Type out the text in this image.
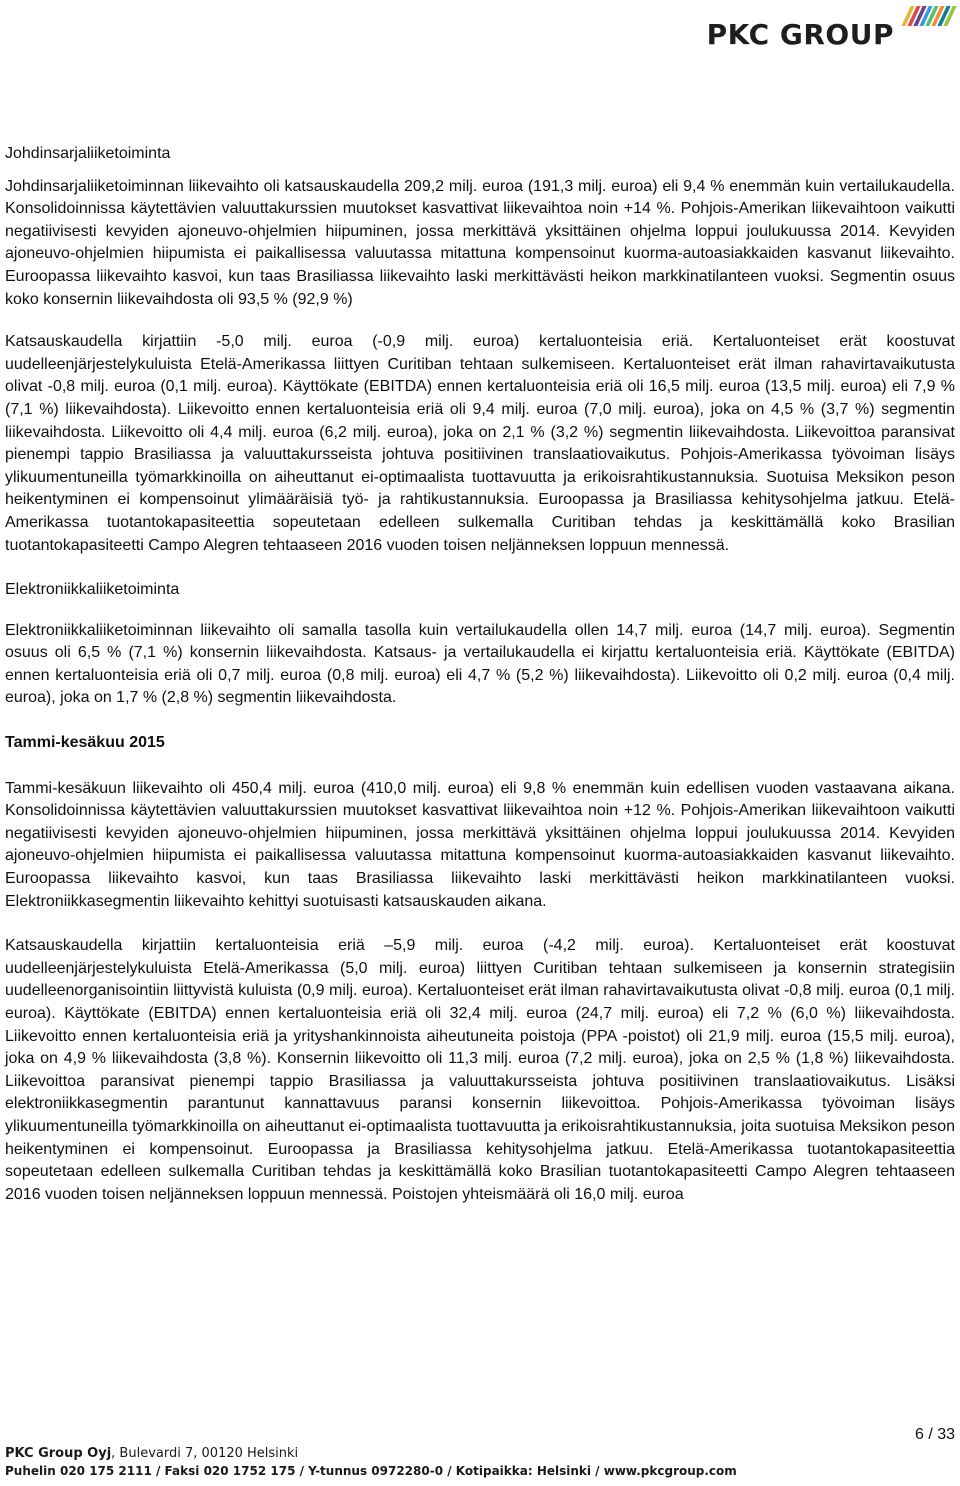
PKC GROUP
Johdinsarjaliiketoiminta
Johdinsarjaliiketoiminnan liikevaihto oli katsauskaudella 209,2 milj. euroa (191,3 milj. euroa) eli 9,4 % enemmän kuin vertailukaudella. Konsolidoinnissa käytettävien valuuttakurssien muutokset kasvattivat liikevaihtoa noin +14 %. Pohjois-Amerikan liikevaihtoon vaikutti negatiivisesti kevyiden ajoneuvo-ohjelmien hiipuminen, jossa merkittävä yksittäinen ohjelma loppui joulukuussa 2014. Kevyiden ajoneuvo-ohjelmien hiipumista ei paikallisessa valuutassa mitattuna kompensoinut kuorma-autoasiakkaiden kasvanut liikevaihto. Euroopassa liikevaihto kasvoi, kun taas Brasiliassa liikevaihto laski merkittävästi heikon markkinatilanteen vuoksi. Segmentin osuus koko konsernin liikevaihdosta oli 93,5 % (92,9 %)
Katsauskaudella kirjattiin -5,0 milj. euroa (-0,9 milj. euroa) kertaluonteisia eriä. Kertaluonteiset erät koostuvat uudelleenjärjestelykuluista Etelä-Amerikassa liittyen Curitiban tehtaan sulkemiseen. Kertaluonteiset erät ilman rahavirtavaikutusta olivat -0,8 milj. euroa (0,1 milj. euroa). Käyttökate (EBITDA) ennen kertaluonteisia eriä oli 16,5 milj. euroa (13,5 milj. euroa) eli 7,9 % (7,1 %) liikevaihdosta). Liikevoitto ennen kertaluonteisia eriä oli 9,4 milj. euroa (7,0 milj. euroa), joka on 4,5 % (3,7 %) segmentin liikevaihdosta. Liikevoitto oli 4,4 milj. euroa (6,2 milj. euroa), joka on 2,1 % (3,2 %) segmentin liikevaihdosta. Liikevoittoa paransivat pienempi tappio Brasiliassa ja valuuttakursseista johtuva positiivinen translaatiovaikutus. Pohjois-Amerikassa työvoiman lisäys ylikuumentuneilla työmarkkinoilla on aiheuttanut ei-optimaalista tuottavuutta ja erikoisrahtikustannuksia. Suotuisa Meksikon peson heikentyminen ei kompensoinut ylimääräisiä työ- ja rahtikustannuksia. Euroopassa ja Brasiliassa kehitysohjelma jatkuu. Etelä-Amerikassa tuotantokapasiteettia sopeutetaan edelleen sulkemalla Curitiban tehdas ja keskittämällä koko Brasilian tuotantokapasiteetti Campo Alegren tehtaaseen 2016 vuoden toisen neljänneksen loppuun mennessä.
Elektroniikkaliiketoiminta
Elektroniikkaliiketoiminnan liikevaihto oli samalla tasolla kuin vertailukaudella ollen 14,7 milj. euroa (14,7 milj. euroa). Segmentin osuus oli 6,5 % (7,1 %) konsernin liikevaihdosta. Katsaus- ja vertailukaudella ei kirjattu kertaluonteisia eriä. Käyttökate (EBITDA) ennen kertaluonteisia eriä oli 0,7 milj. euroa (0,8 milj. euroa) eli 4,7 % (5,2 %) liikevaihdosta). Liikevoitto oli 0,2 milj. euroa (0,4 milj. euroa), joka on 1,7 % (2,8 %) segmentin liikevaihdosta.
Tammi-kesäkuu 2015
Tammi-kesäkuun liikevaihto oli 450,4 milj. euroa (410,0 milj. euroa) eli 9,8 % enemmän kuin edellisen vuoden vastaavana aikana. Konsolidoinnissa käytettävien valuuttakurssien muutokset kasvattivat liikevaihtoa noin +12 %. Pohjois-Amerikan liikevaihtoon vaikutti negatiivisesti kevyiden ajoneuvo-ohjelmien hiipuminen, jossa merkittävä yksittäinen ohjelma loppui joulukuussa 2014. Kevyiden ajoneuvo-ohjelmien hiipumista ei paikallisessa valuutassa mitattuna kompensoinut kuorma-autoasiakkaiden kasvanut liikevaihto. Euroopassa liikevaihto kasvoi, kun taas Brasiliassa liikevaihto laski merkittävästi heikon markkinatilanteen vuoksi. Elektroniikkasegmentin liikevaihto kehittyi suotuisasti katsauskauden aikana.
Katsauskaudella kirjattiin kertaluonteisia eriä –5,9 milj. euroa (-4,2 milj. euroa). Kertaluonteiset erät koostuvat uudelleenjärjestelykuluista Etelä-Amerikassa (5,0 milj. euroa) liittyen Curitiban tehtaan sulkemiseen ja konsernin strategisiin uudelleenorganisointiin liittyvistä kuluista (0,9 milj. euroa). Kertaluonteiset erät ilman rahavirtavaikutusta olivat -0,8 milj. euroa (0,1 milj. euroa). Käyttökate (EBITDA) ennen kertaluonteisia eriä oli 32,4 milj. euroa (24,7 milj. euroa) eli 7,2 % (6,0 %) liikevaihdosta. Liikevoitto ennen kertaluonteisia eriä ja yrityshankinnoista aiheutuneita poistoja (PPA -poistot) oli 21,9 milj. euroa (15,5 milj. euroa), joka on 4,9 % liikevaihdosta (3,8 %). Konsernin liikevoitto oli 11,3 milj. euroa (7,2 milj. euroa), joka on 2,5 % (1,8 %) liikevaihdosta. Liikevoittoa paransivat pienempi tappio Brasiliassa ja valuuttakursseista johtuva positiivinen translaatiovaikutus. Lisäksi elektroniikkasegmentin parantunut kannattavuus paransi konsernin liikevoittoa. Pohjois-Amerikassa työvoiman lisäys ylikuumentuneilla työmarkkinoilla on aiheuttanut ei-optimaalista tuottavuutta ja erikoisrahtikustannuksia, joita suotuisa Meksikon peson heikentyminen ei kompensoinut. Euroopassa ja Brasiliassa kehitysohjelma jatkuu. Etelä-Amerikassa tuotantokapasiteettia sopeutetaan edelleen sulkemalla Curitiban tehdas ja keskittämällä koko Brasilian tuotantokapasiteetti Campo Alegren tehtaaseen 2016 vuoden toisen neljänneksen loppuun mennessä. Poistojen yhteismäärä oli 16,0 milj. euroa
6 / 33
PKC Group Oyj, Bulevardi 7, 00120 Helsinki
Puhelin 020 175 2111 / Faksi 020 1752 175 / Y-tunnus 0972280-0 / Kotipaikka: Helsinki / www.pkcgroup.com
